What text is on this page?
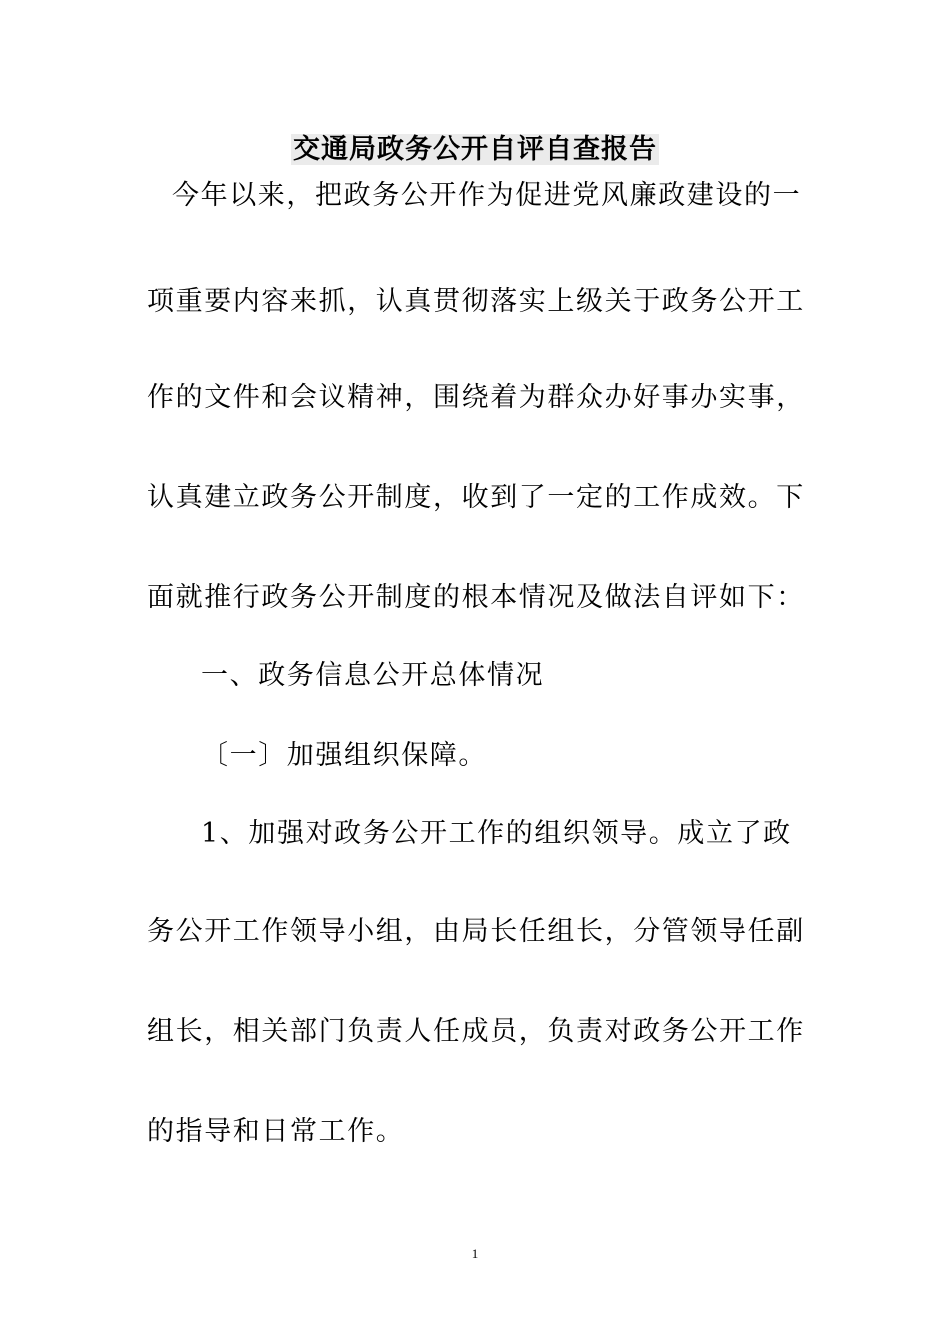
交通局政务公开自评自查报告
今年以来，把政务公开作为促进党风廉政建设的一
项重要内容来抓，认真贯彻落实上级关于政务公开工
作的文件和会议精神，围绕着为群众办好事办实事，
认真建立政务公开制度，收到了一定的工作成效。下
面就推行政务公开制度的根本情况及做法自评如下：
一、政务信息公开总体情况
〔一〕加强组织保障。
1、加强对政务公开工作的组织领导。成立了政
务公开工作领导小组，由局长任组长，分管领导任副
组长，相关部门负责人任成员，负责对政务公开工作
的指导和日常工作。
1
